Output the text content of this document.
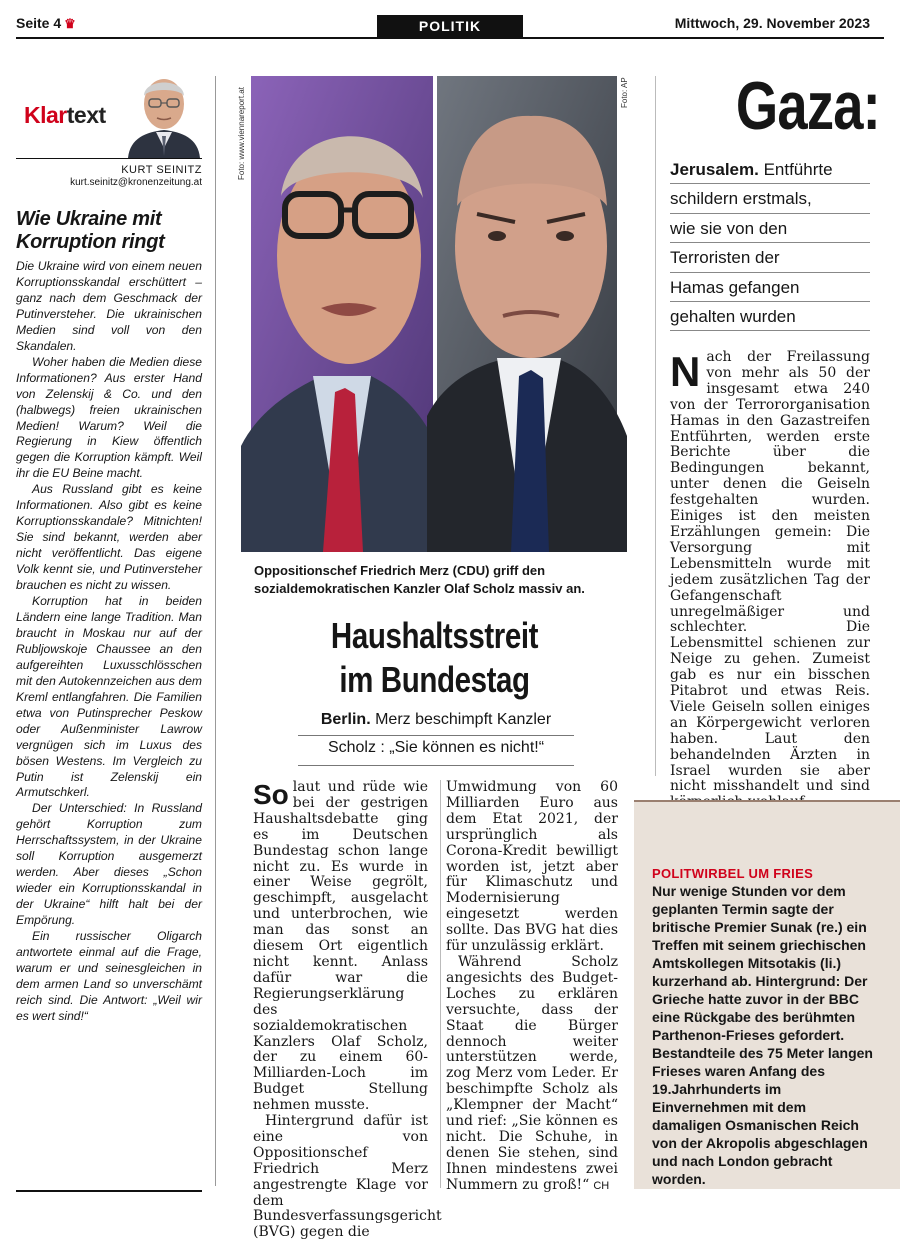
Seite 4 ♛	POLITIK	Mittwoch, 29. November 2023
Klartext
KURT SEINITZ
kurt.seinitz@kronenzeitung.at
Wie Ukraine mit Korruption ringt

Die Ukraine wird von einem neuen Korruptionsskandal erschüttert – ganz nach dem Geschmack der Putinversteher. Die ukrainischen Medien sind voll von den Skandalen.

Woher haben die Medien diese Informationen? Aus erster Hand von Zelenskij & Co. und den (halbwegs) freien ukrainischen Medien! Warum? Weil die Regierung in Kiew öffentlich gegen die Korruption kämpft. Weil ihr die EU Beine macht.

Aus Russland gibt es keine Informationen. Also gibt es keine Korruptionsskandale? Mitnichten! Sie sind bekannt, werden aber nicht veröffentlicht. Das eigene Volk kennt sie, und Putinversteher brauchen es nicht zu wissen.

Korruption hat in beiden Ländern eine lange Tradition. Man braucht in Moskau nur auf der Rubljowskoje Chaussee an den aufgereihten Luxusschlösschen mit den Autokennzeichen aus dem Kreml entlangfahren. Die Familien etwa von Putinsprecher Peskow oder Außenminister Lawrow vergnügen sich im Luxus des bösen Westens. Im Vergleich zu Putin ist Zelenskij ein Armutschkerl.

Der Unterschied: In Russland gehört Korruption zum Herrschaftssystem, in der Ukraine soll Korruption ausgemerzt werden. Aber dieses „Schon wieder ein Korruptionsskandal in der Ukraine“ hilft halt bei der Empörung.

Ein russischer Oligarch antwortete einmal auf die Frage, warum er und seinesgleichen in dem armen Land so unverschämt reich sind. Die Antwort: „Weil wir es wert sind!“

Foto: www.viennareport.at	Foto: AP
Oppositionschef Friedrich Merz (CDU) griff den sozialdemokratischen Kanzler Olaf Scholz massiv an.
Haushaltsstreit
im Bundestag
Berlin. Merz beschimpft Kanzler
Scholz : „Sie können es nicht!“

So laut und rüde wie bei der gestrigen Haushaltsdebatte ging es im Deutschen Bundestag schon lange nicht zu. Es wurde in einer Weise gegrölt, geschimpft, ausgelacht und unterbrochen, wie man das sonst an diesem Ort eigentlich nicht kennt. Anlass dafür war die Regierungserklärung des sozialdemokratischen Kanzlers Olaf Scholz, der zu einem 60-Milliarden-Loch im Budget Stellung nehmen musste.

Hintergrund dafür ist eine von Oppositionschef Friedrich Merz angestrengte Klage vor dem Bundesverfassungsgericht (BVG) gegen die

Umwidmung von 60 Milliarden Euro aus dem Etat 2021, der ursprünglich als Corona-Kredit bewilligt worden ist, jetzt aber für Klimaschutz und Modernisierung eingesetzt werden sollte. Das BVG hat dies für unzulässig erklärt.

Während Scholz angesichts des Budget-Loches zu erklären versuchte, dass der Staat die Bürger dennoch weiter unterstützen werde, zog Merz vom Leder. Er beschimpfte Scholz als „Klempner der Macht“ und rief: „Sie können es nicht. Die Schuhe, in denen Sie stehen, sind Ihnen mindestens zwei Nummern zu groß!“ CH

Gaza:
Jerusalem. Entführte
schildern erstmals,
wie sie von den
Terroristen der
Hamas gefangen
gehalten wurden
Nach der Freilassung von mehr als 50 der insgesamt etwa 240 von der Terrororganisation Hamas in den Gazastreifen Entführten, werden erste Berichte über die Bedingungen bekannt, unter denen die Geiseln festgehalten wurden. Einiges ist den meisten Erzählungen gemein: Die Versorgung mit Lebensmitteln wurde mit jedem zusätzlichen Tag der Gefangenschaft unregelmäßiger und schlechter. Die Lebensmittel schienen zur Neige zu gehen. Zumeist gab es nur ein bisschen Pitabrot und etwas Reis. Viele Geiseln sollen einiges an Körpergewicht verloren haben. Laut den behandelnden Ärzten in Israel wurden sie aber nicht misshandelt und sind
POLITWIRBEL UM FRIES
Nur wenige Stunden vor dem geplanten Termin sagte der britische Premier Sunak (re.) ein Treffen mit seinem griechischen Amtskollegen Mitsotakis (li.) kurzerhand ab. Hintergrund: Der Grieche hatte zuvor in der BBC eine Rückgabe des berühmten Parthenon-Frieses gefordert. Bestandteile des 75 Meter langen Frieses waren Anfang des 19.Jahrhunderts im Einvernehmen mit dem damaligen Osmanischen Reich von der Akropolis abgeschlagen und nach London gebracht worden.
